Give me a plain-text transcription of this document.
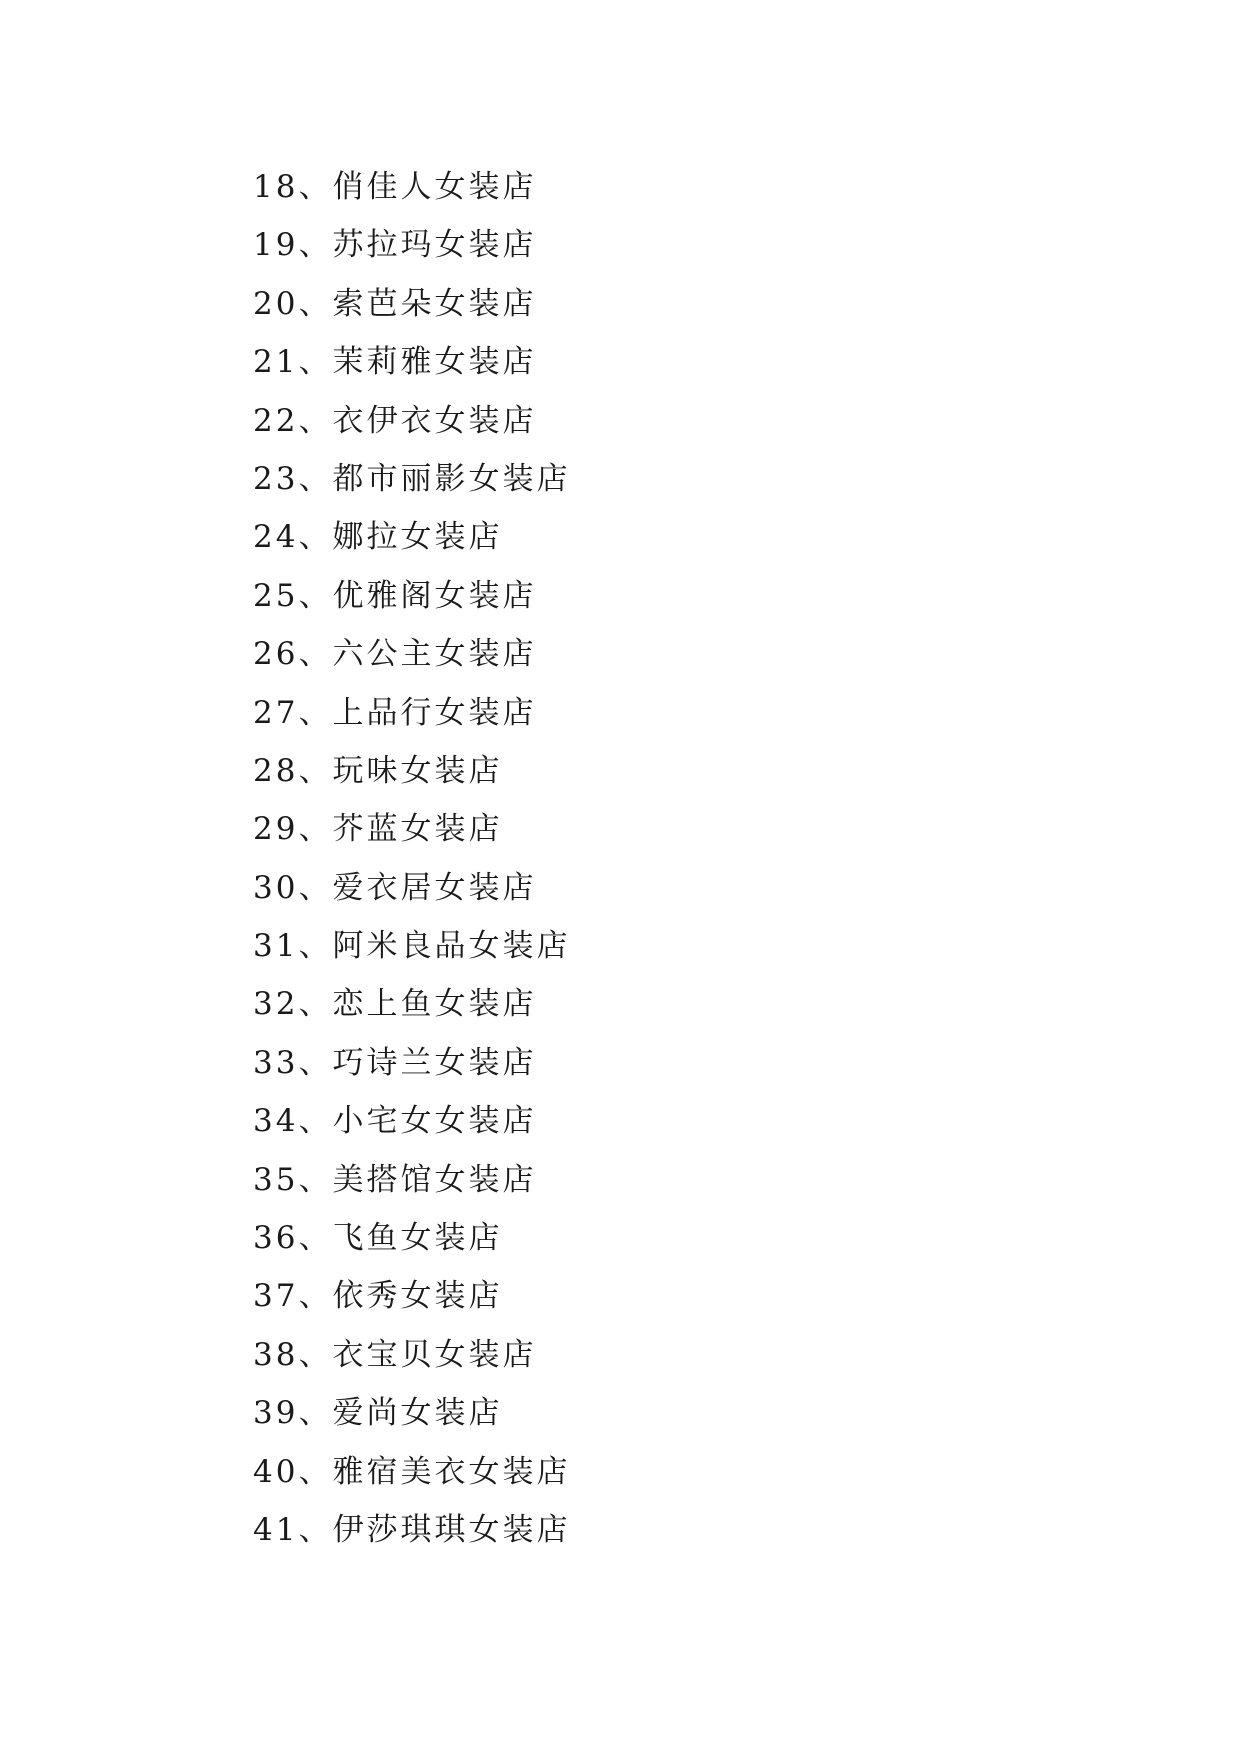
18、俏佳人女装店
19、苏拉玛女装店
20、索芭朵女装店
21、茉莉雅女装店
22、衣伊衣女装店
23、都市丽影女装店
24、娜拉女装店
25、优雅阁女装店
26、六公主女装店
27、上品行女装店
28、玩味女装店
29、芥蓝女装店
30、爱衣居女装店
31、阿米良品女装店
32、恋上鱼女装店
33、巧诗兰女装店
34、小宅女女装店
35、美搭馆女装店
36、飞鱼女装店
37、依秀女装店
38、衣宝贝女装店
39、爱尚女装店
40、雅宿美衣女装店
41、伊莎琪琪女装店
